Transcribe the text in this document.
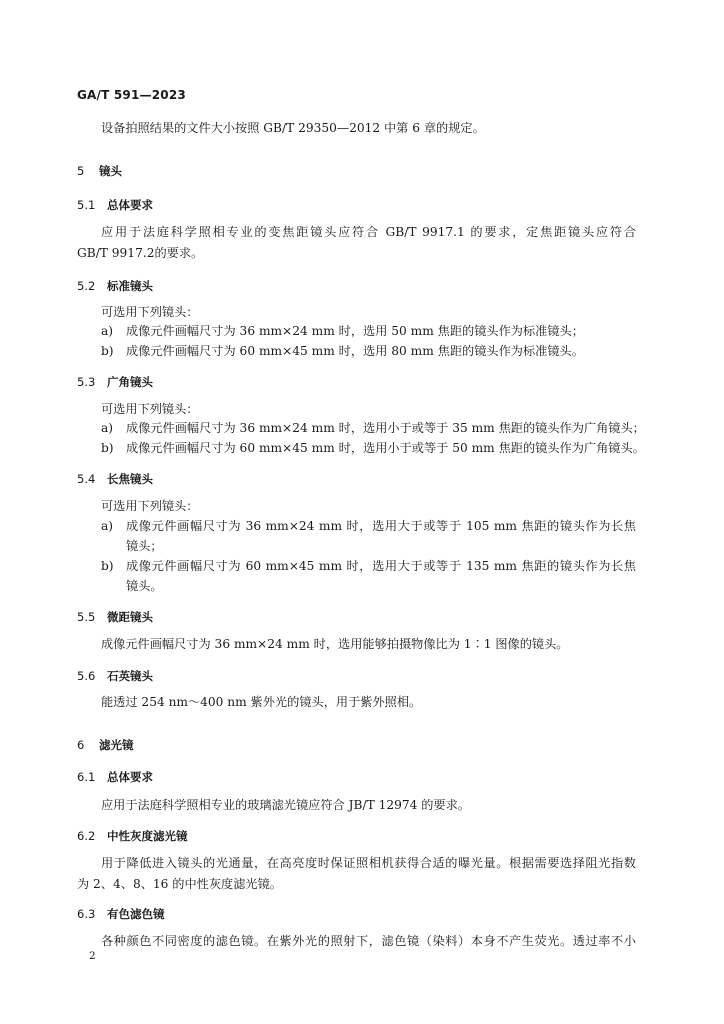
GA/T 591—2023
设备拍照结果的文件大小按照 GB/T 29350—2012 中第 6 章的规定。
5 镜头
5.1 总体要求
应用于法庭科学照相专业的变焦距镜头应符合 GB/T 9917.1 的要求，定焦距镜头应符合
GB/T 9917.2的要求。
5.2 标准镜头
可选用下列镜头：
a)	成像元件画幅尺寸为 36 mm×24 mm 时，选用 50 mm 焦距的镜头作为标准镜头；
b)	成像元件画幅尺寸为 60 mm×45 mm 时，选用 80 mm 焦距的镜头作为标准镜头。
5.3 广角镜头
可选用下列镜头：
a)	成像元件画幅尺寸为 36 mm×24 mm 时，选用小于或等于 35 mm 焦距的镜头作为广角镜头；
b)	成像元件画幅尺寸为 60 mm×45 mm 时，选用小于或等于 50 mm 焦距的镜头作为广角镜头。
5.4 长焦镜头
可选用下列镜头：
a)	成像元件画幅尺寸为 36 mm×24 mm 时，选用大于或等于 105 mm 焦距的镜头作为长焦
镜头；
b)	成像元件画幅尺寸为 60 mm×45 mm 时，选用大于或等于 135 mm 焦距的镜头作为长焦
镜头。
5.5 微距镜头
成像元件画幅尺寸为 36 mm×24 mm 时，选用能够拍摄物像比为 1∶1 图像的镜头。
5.6 石英镜头
能透过 254 nm～400 nm 紫外光的镜头，用于紫外照相。
6 滤光镜
6.1 总体要求
应用于法庭科学照相专业的玻璃滤光镜应符合 JB/T 12974 的要求。
6.2 中性灰度滤光镜
用于降低进入镜头的光通量，在高亮度时保证照相机获得合适的曝光量。根据需要选择阻光指数
为 2、4、8、16 的中性灰度滤光镜。
6.3 有色滤色镜
各种颜色不同密度的滤色镜。在紫外光的照射下，滤色镜（染料）本身不产生荧光。透过率不小
2
